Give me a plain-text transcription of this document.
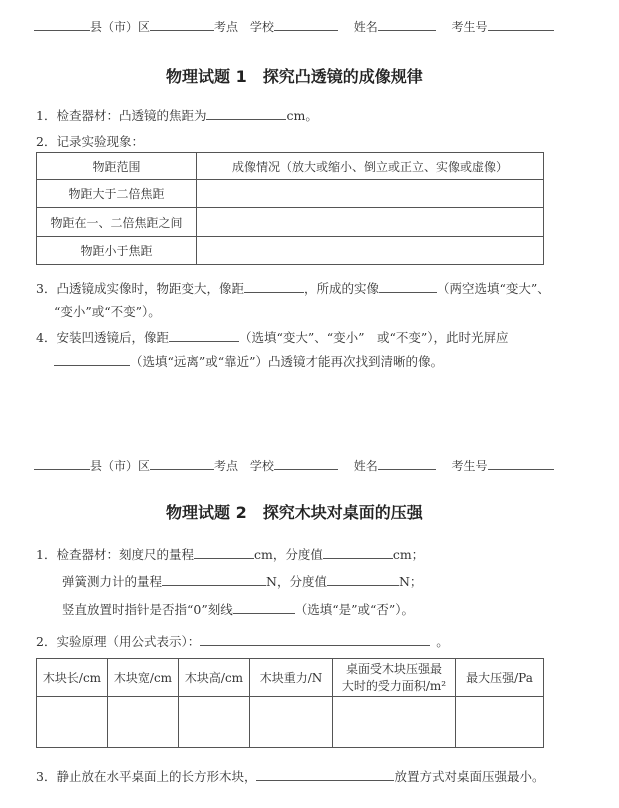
县（市）区	考点 学校	姓名	考生号
物理试题 1　探究凸透镜的成像规律
1．检查器材：凸透镜的焦距为	cm。
2．记录实验现象：
物距范围	成像情况（放大或缩小、倒立或正立、实像或虚像）
物距大于二倍焦距	
物距在一、二倍焦距之间	
物距小于焦距	
3．凸透镜成实像时，物距变大，像距	，所成的实像	（两空选填“变大”、
“变小”或“不变”）。
4．安装凹透镜后，像距	（选填“变大”、“变小”　或“不变”），此时光屏应
（选填“远离”或“靠近”）凸透镜才能再次找到清晰的像。
县（市）区	考点 学校	姓名	考生号
物理试题 2　探究木块对桌面的压强
1．检查器材：刻度尺的量程	cm，分度值	cm；
弹簧测力计的量程	N，分度值	N；
竖直放置时指针是否指“0”刻线	（选填“是”或“否”）。
2．实验原理（用公式表示）：	。
木块长/cm	木块宽/cm	木块高/cm	木块重力/N	桌面受木块压强最
大时的受力面积/m²	最大压强/Pa

3．静止放在水平桌面上的长方形木块，	放置方式对桌面压强最小。
